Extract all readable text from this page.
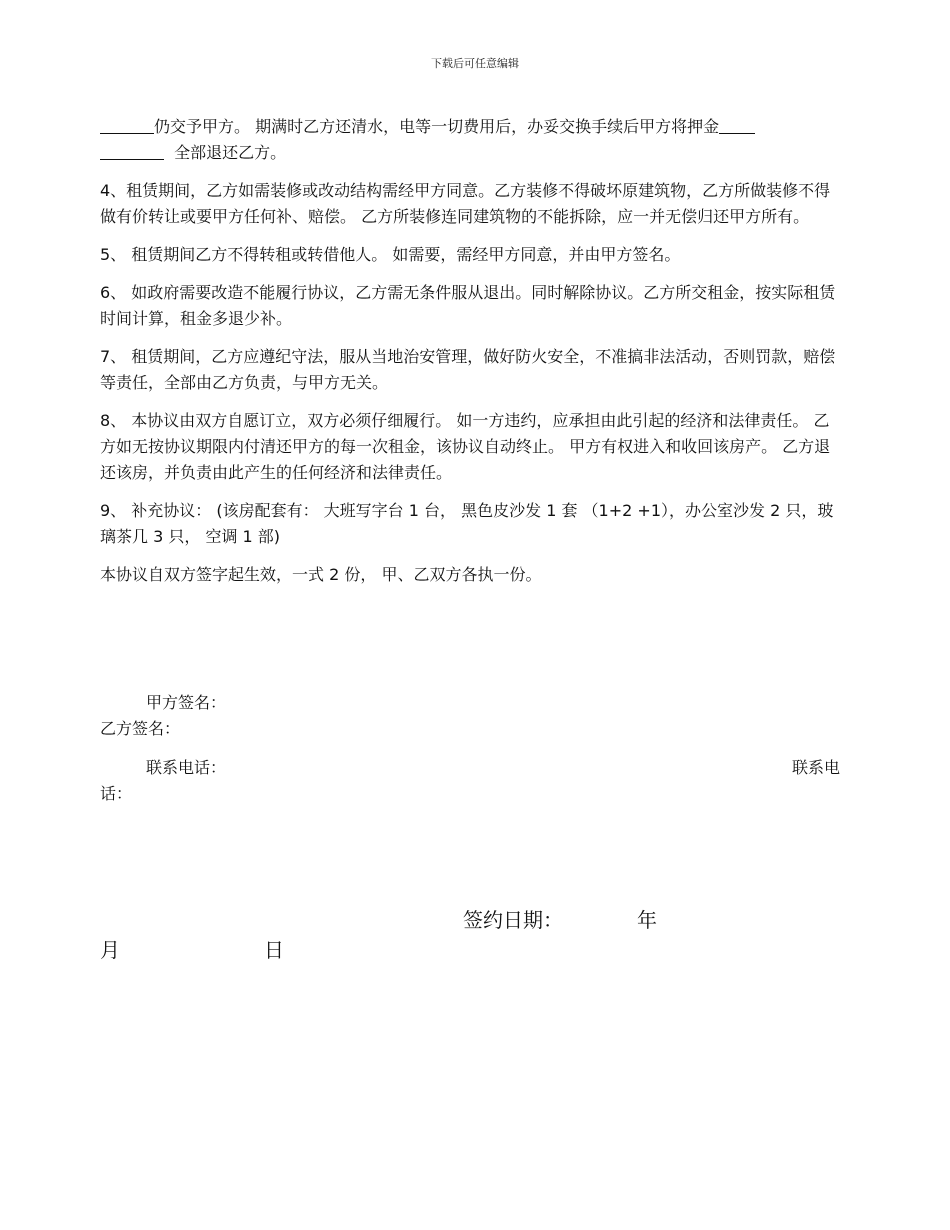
下载后可任意编辑

仍交予甲方。 期满时乙方还清水，电等一切费用后，办妥交换手续后甲方将押金
全部退还乙方。

4、租赁期间，乙方如需装修或改动结构需经甲方同意。乙方装修不得破坏原建筑物，乙方所做装修不得做有价转让或要甲方任何补、赔偿。 乙方所装修连同建筑物的不能拆除，应一并无偿归还甲方所有。

5、 租赁期间乙方不得转租或转借他人。 如需要，需经甲方同意，并由甲方签名。

6、 如政府需要改造不能履行协议，乙方需无条件服从退出。同时解除协议。乙方所交租金，按实际租赁时间计算，租金多退少补。

7、 租赁期间，乙方应遵纪守法，服从当地治安管理，做好防火安全，不准搞非法活动，否则罚款，赔偿等责任，全部由乙方负责，与甲方无关。

8、 本协议由双方自愿订立，双方必须仔细履行。 如一方违约，应承担由此引起的经济和法律责任。 乙方如无按协议期限内付清还甲方的每一次租金，该协议自动终止。 甲方有权进入和收回该房产。 乙方退还该房，并负责由此产生的任何经济和法律责任。

9、 补充协议： (该房配套有： 大班写字台 1 台， 黑色皮沙发 1 套 （1+2 +1），办公室沙发 2 只，玻璃茶几 3 只， 空调 1 部)

本协议自双方签字起生效，一式 2 份， 甲、乙双方各执一份。

甲方签名：
乙方签名：
联系电话：	联系电
话：
签约日期：	年
月	日
